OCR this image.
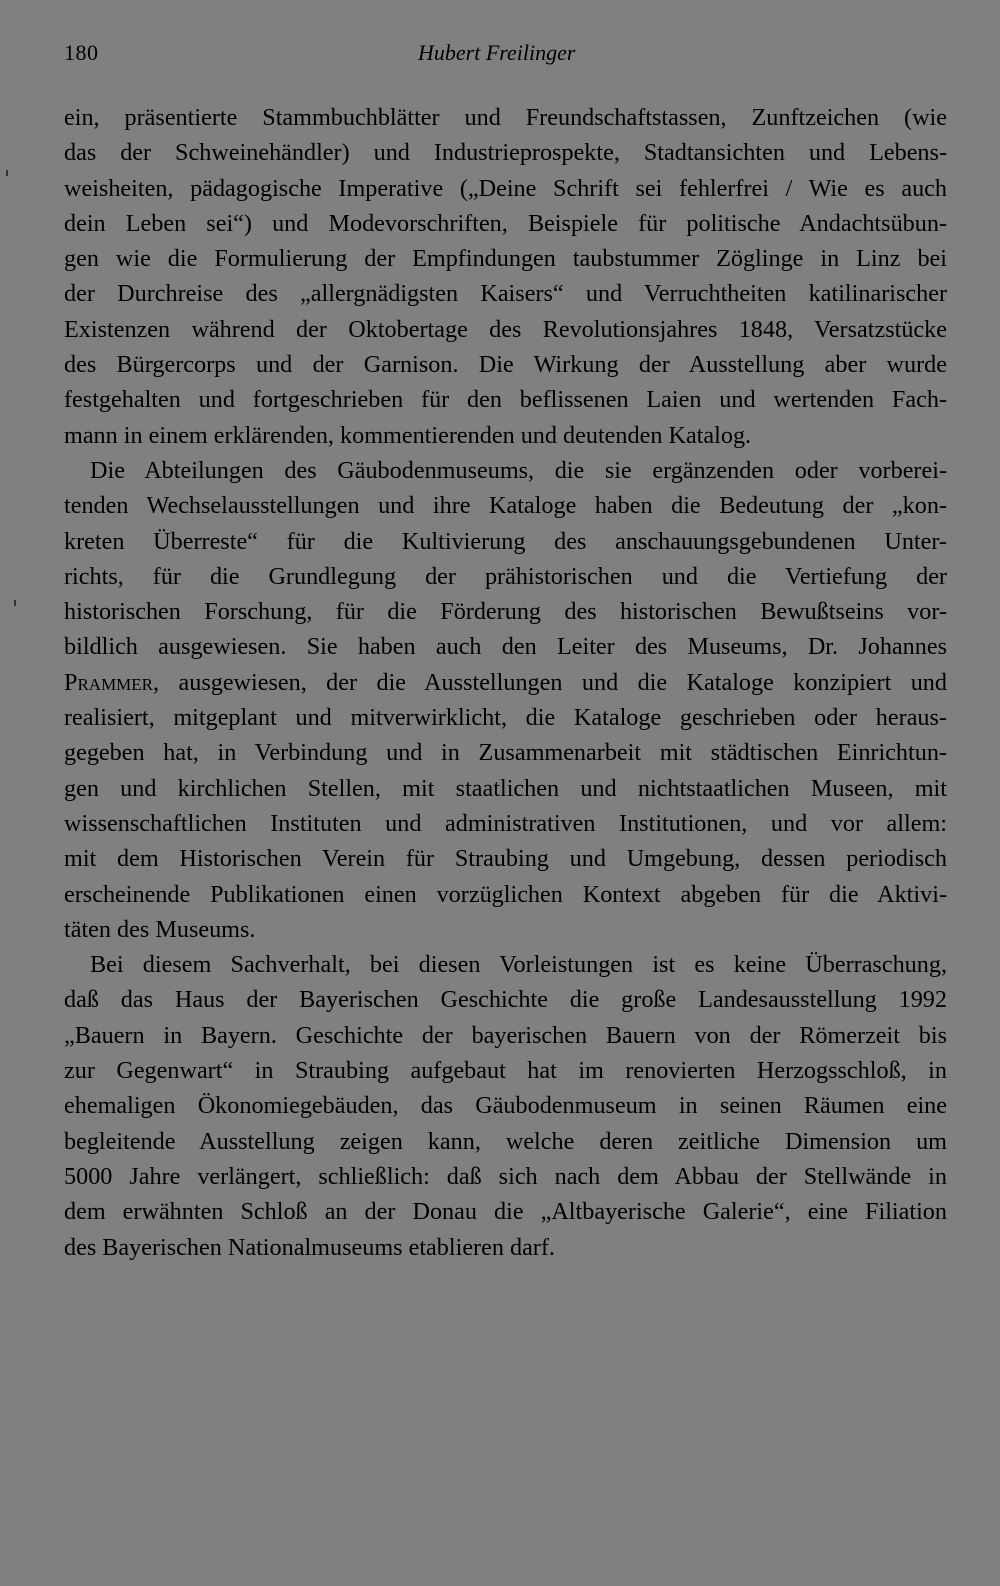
180	Hubert Freilinger
ein, präsentierte Stammbuchblätter und Freundschaftstassen, Zunftzeichen (wie
das der Schweinehändler) und Industrieprospekte, Stadtansichten und Lebens-
weisheiten, pädagogische Imperative („Deine Schrift sei fehlerfrei / Wie es auch
dein Leben sei“) und Modevorschriften, Beispiele für politische Andachtsübun-
gen wie die Formulierung der Empfindungen taubstummer Zöglinge in Linz bei
der Durchreise des „allergnädigsten Kaisers“ und Verruchtheiten katilinarischer
Existenzen während der Oktobertage des Revolutionsjahres 1848, Versatzstücke
des Bürgercorps und der Garnison. Die Wirkung der Ausstellung aber wurde
festgehalten und fortgeschrieben für den beflissenen Laien und wertenden Fach-
mann in einem erklärenden, kommentierenden und deutenden Katalog.
Die Abteilungen des Gäubodenmuseums, die sie ergänzenden oder vorberei-
tenden Wechselausstellungen und ihre Kataloge haben die Bedeutung der „kon-
kreten Überreste“ für die Kultivierung des anschauungsgebundenen Unter-
richts, für die Grundlegung der prähistorischen und die Vertiefung der
historischen Forschung, für die Förderung des historischen Bewußtseins vor-
bildlich ausgewiesen. Sie haben auch den Leiter des Museums, Dr. Johannes
Prammer, ausgewiesen, der die Ausstellungen und die Kataloge konzipiert und
realisiert, mitgeplant und mitverwirklicht, die Kataloge geschrieben oder heraus-
gegeben hat, in Verbindung und in Zusammenarbeit mit städtischen Einrichtun-
gen und kirchlichen Stellen, mit staatlichen und nichtstaatlichen Museen, mit
wissenschaftlichen Instituten und administrativen Institutionen, und vor allem:
mit dem Historischen Verein für Straubing und Umgebung, dessen periodisch
erscheinende Publikationen einen vorzüglichen Kontext abgeben für die Aktivi-
täten des Museums.
Bei diesem Sachverhalt, bei diesen Vorleistungen ist es keine Überraschung,
daß das Haus der Bayerischen Geschichte die große Landesausstellung 1992
„Bauern in Bayern. Geschichte der bayerischen Bauern von der Römerzeit bis
zur Gegenwart“ in Straubing aufgebaut hat im renovierten Herzogsschloß, in
ehemaligen Ökonomiegebäuden, das Gäubodenmuseum in seinen Räumen eine
begleitende Ausstellung zeigen kann, welche deren zeitliche Dimension um
5000 Jahre verlängert, schließlich: daß sich nach dem Abbau der Stellwände in
dem erwähnten Schloß an der Donau die „Altbayerische Galerie“, eine Filiation
des Bayerischen Nationalmuseums etablieren darf.
